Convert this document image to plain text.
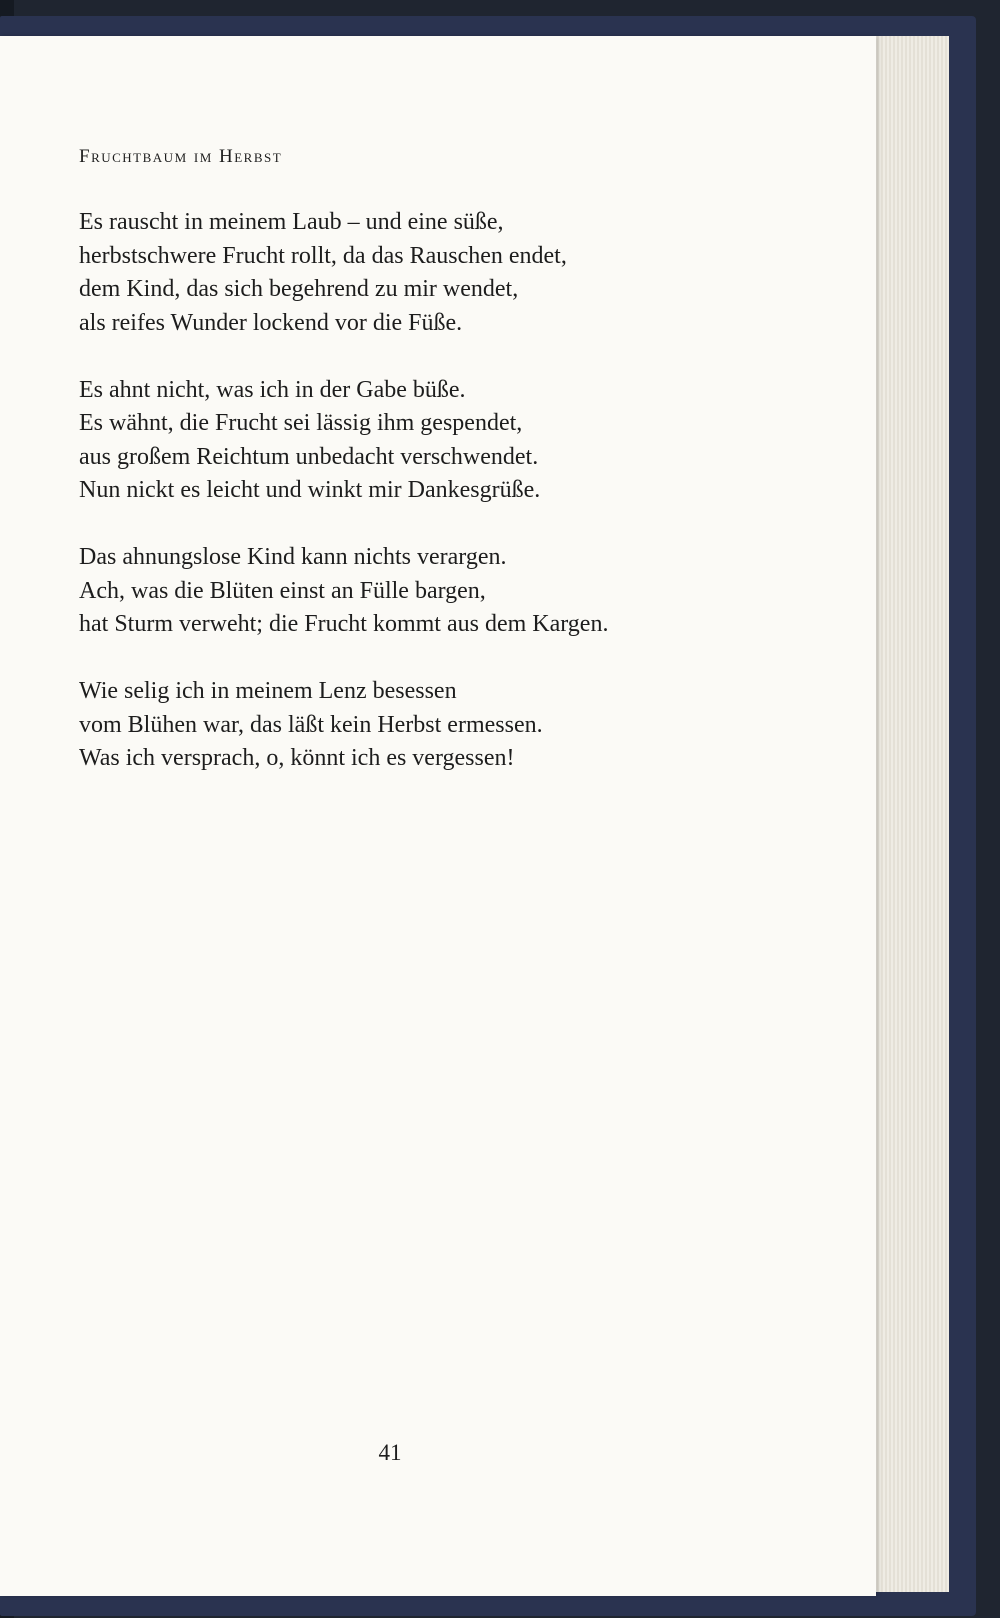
Fruchtbaum im Herbst
Es rauscht in meinem Laub – und eine süße,
herbstschwere Frucht rollt, da das Rauschen endet,
dem Kind, das sich begehrend zu mir wendet,
als reifes Wunder lockend vor die Füße.
Es ahnt nicht, was ich in der Gabe büße.
Es wähnt, die Frucht sei lässig ihm gespendet,
aus großem Reichtum unbedacht verschwendet.
Nun nickt es leicht und winkt mir Dankesgrüße.
Das ahnungslose Kind kann nichts verargen.
Ach, was die Blüten einst an Fülle bargen,
hat Sturm verweht; die Frucht kommt aus dem Kargen.
Wie selig ich in meinem Lenz besessen
vom Blühen war, das läßt kein Herbst ermessen.
Was ich versprach, o, könnt ich es vergessen!
41
